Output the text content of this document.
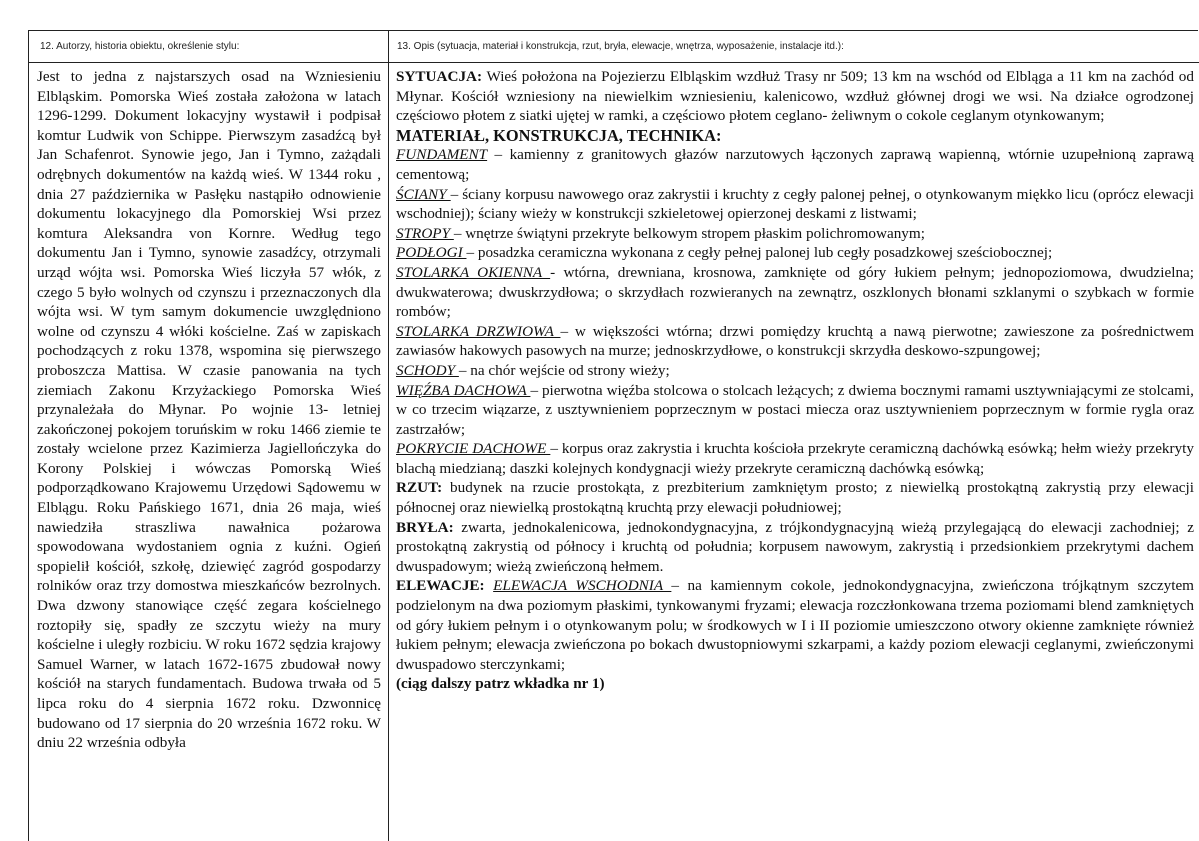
12. Autorzy, historia obiektu, określenie stylu:	13. Opis (sytuacja, materiał i konstrukcja, rzut, bryła, elewacje, wnętrza, wyposażenie, instalacje itd.):

Jest to jedna z najstarszych osad na Wzniesieniu Elbląskim. Pomorska Wieś została założona w latach 1296-1299. Dokument lokacyjny wystawił i podpisał komtur Ludwik von Schippe. Pierwszym zasadźcą był Jan Schafenrot. Synowie jego, Jan i Tymno, zażądali odrębnych dokumentów na każdą wieś. W 1344 roku , dnia 27 października w Pasłęku nastąpiło odnowienie dokumentu lokacyjnego dla Pomorskiej Wsi przez komtura Aleksandra von Kornre. Według tego dokumentu Jan i Tymno, synowie zasadźcy, otrzymali urząd wójta wsi. Pomorska Wieś liczyła 57 włók, z czego 5 było wolnych od czynszu i przeznaczonych dla wójta wsi. W tym samym dokumencie uwzględniono wolne od czynszu 4 włóki kościelne. Zaś w zapiskach pochodzących z roku 1378, wspomina się pierwszego proboszcza Mattisa. W czasie panowania na tych ziemiach Zakonu Krzyżackiego Pomorska Wieś przynależała do Młynar. Po wojnie 13- letniej zakończonej pokojem toruńskim w roku 1466 ziemie te zostały wcielone przez Kazimierza Jagiellończyka do Korony Polskiej i wówczas Pomorską Wieś podporządkowano Krajowemu Urzędowi Sądowemu w Elblągu. Roku Pańskiego 1671, dnia 26 maja, wieś nawiedziła straszliwa nawałnica pożarowa spowodowana wydostaniem ognia z kuźni. Ogień spopielił kościół, szkołę, dziewięć zagród gospodarzy rolników oraz trzy domostwa mieszkańców bezrolnych. Dwa dzwony stanowiące część zegara kościelnego roztopiły się, spadły ze szczytu wieży na mury kościelne i uległy rozbiciu. W roku 1672 sędzia krajowy Samuel Warner, w latach 1672-1675 zbudował nowy kościół na starych fundamentach. Budowa trwała od 5 lipca roku do 4 sierpnia 1672 roku. Dzwonnicę budowano od 17 sierpnia do 20 września 1672 roku. W dniu 22 września odbyła

SYTUACJA: Wieś położona na Pojezierzu Elbląskim wzdłuż Trasy nr 509; 13 km na wschód od Elbląga a 11 km na zachód od Młynar. Kościół wzniesiony na niewielkim wzniesieniu, kalenicowo, wzdłuż głównej drogi we wsi. Na działce ogrodzonej częściowo płotem z siatki ujętej w ramki, a częściowo płotem ceglano- żeliwnym o cokole ceglanym otynkowanym;

MATERIAŁ, KONSTRUKCJA, TECHNIKA:

FUNDAMENT – kamienny z granitowych głazów narzutowych łączonych zaprawą wapienną, wtórnie uzupełnioną zaprawą cementową;

ŚCIANY – ściany korpusu nawowego oraz zakrystii i kruchty z cegły palonej pełnej, o otynkowanym miękko licu (oprócz elewacji wschodniej); ściany wieży w konstrukcji szkieletowej opierzonej deskami z listwami;

STROPY – wnętrze świątyni przekryte belkowym stropem płaskim polichromowanym;

PODŁOGI – posadzka ceramiczna wykonana z cegły pełnej palonej lub cegły posadzkowej sześciobocznej;

STOLARKA OKIENNA - wtórna, drewniana, krosnowa, zamknięte od góry łukiem pełnym; jednopoziomowa, dwudzielna; dwukwaterowa; dwuskrzydłowa; o skrzydłach rozwieranych na zewnątrz, oszklonych błonami szklanymi o szybkach w formie rombów;

STOLARKA DRZWIOWA – w większości wtórna; drzwi pomiędzy kruchtą a nawą pierwotne; zawieszone za pośrednictwem zawiasów hakowych pasowych na murze; jednoskrzydłowe, o konstrukcji skrzydła deskowo-szpungowej;

SCHODY – na chór wejście od strony wieży;

WIĘŹBA DACHOWA – pierwotna więźba stolcowa o stolcach leżących; z dwiema bocznymi ramami usztywniającymi ze stolcami, w co trzecim wiązarze, z usztywnieniem poprzecznym w postaci miecza oraz usztywnieniem poprzecznym w formie rygla oraz zastrzałów;

POKRYCIE DACHOWE – korpus oraz zakrystia i kruchta kościoła przekryte ceramiczną dachówką esówką; hełm wieży przekryty blachą miedzianą; daszki kolejnych kondygnacji wieży przekryte ceramiczną dachówką esówką;

RZUT: budynek na rzucie prostokąta, z prezbiterium zamkniętym prosto; z niewielką prostokątną zakrystią przy elewacji północnej oraz niewielką prostokątną kruchtą przy elewacji południowej;

BRYŁA: zwarta, jednokalenicowa, jednokondygnacyjna, z trójkondygnacyjną wieżą przylegającą do elewacji zachodniej; z prostokątną zakrystią od północy i kruchtą od południa; korpusem nawowym, zakrystią i przedsionkiem przekrytymi dachem dwuspadowym; wieżą zwieńczoną hełmem.

ELEWACJE: ELEWACJA WSCHODNIA – na kamiennym cokole, jednokondygnacyjna, zwieńczona trójkątnym szczytem podzielonym na dwa poziomym płaskimi, tynkowanymi fryzami; elewacja rozczłonkowana trzema poziomami blend zamkniętych od góry łukiem pełnym i o otynkowanym polu; w środkowych w I i II poziomie umieszczono otwory okienne zamknięte również łukiem pełnym; elewacja zwieńczona po bokach dwustopniowymi szkarpami, a każdy poziom elewacji ceglanymi, zwieńczonymi dwuspadowo sterczynkami;

(ciąg dalszy patrz wkładka nr 1)
